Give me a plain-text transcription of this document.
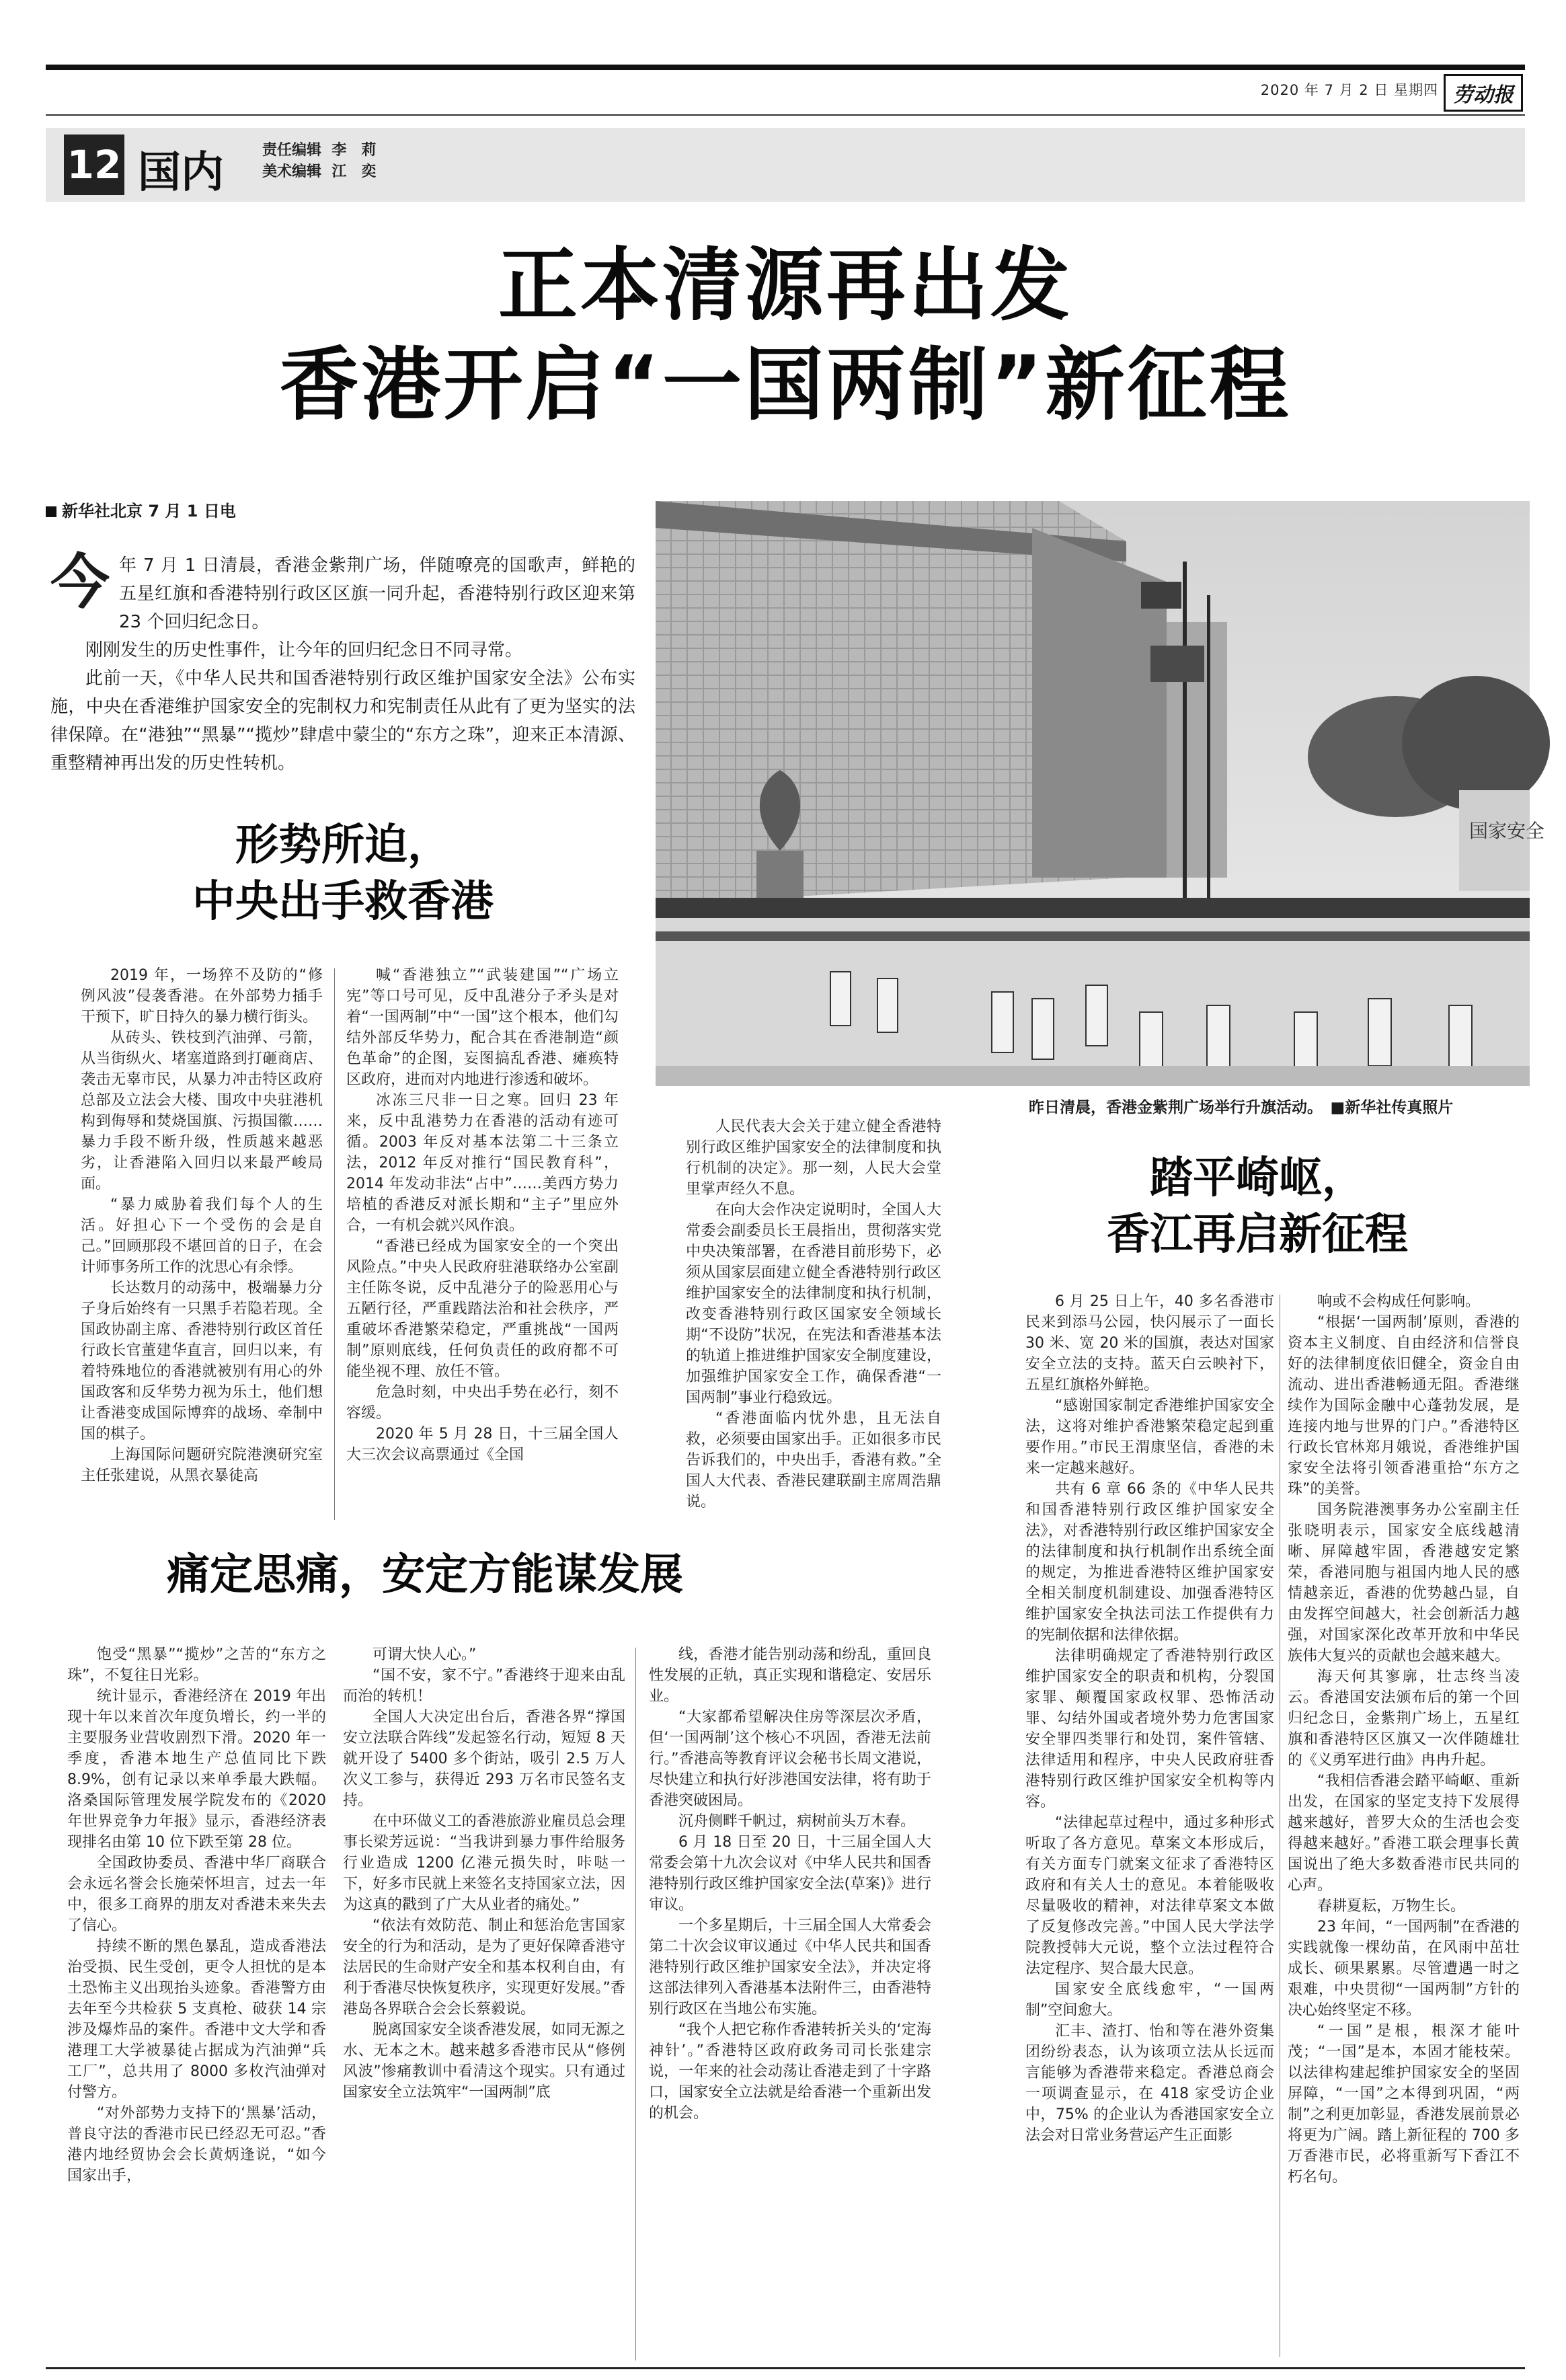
2020 年 7 月 2 日 星期四 劳动报
12 国内	责任编辑  李　莉
美术编辑  江　奕
正本清源再出发
香港开启“一国两制”新征程
新华社北京 7 月 1 日电
国家安全
昨日清晨，香港金紫荆广场举行升旗活动。　 ■新华社传真照片

今年 7 月 1 日清晨，香港金紫荆广场，伴随嘹亮的国歌声，鲜艳的五星红旗和香港特别行政区区旗一同升起，香港特别行政区迎来第 23 个回归纪念日。

刚刚发生的历史性事件，让今年的回归纪念日不同寻常。

此前一天，《中华人民共和国香港特别行政区维护国家安全法》公布实施，中央在香港维护国家安全的宪制权力和宪制责任从此有了更为坚实的法律保障。在“港独”“黑暴”“揽炒”肆虐中蒙尘的“东方之珠”，迎来正本清源、重整精神再出发的历史性转机。

形势所迫，
中央出手救香港
踏平崎岖，
香江再启新征程
痛定思痛，安定方能谋发展

2019 年，一场猝不及防的“修例风波”侵袭香港。在外部势力插手干预下，旷日持久的暴力横行街头。

从砖头、铁枝到汽油弹、弓箭，从当街纵火、堵塞道路到打砸商店、袭击无辜市民，从暴力冲击特区政府总部及立法会大楼、围攻中央驻港机构到侮辱和焚烧国旗、污损国徽……暴力手段不断升级，性质越来越恶劣，让香港陷入回归以来最严峻局面。

“暴力威胁着我们每个人的生活。好担心下一个受伤的会是自己。”回顾那段不堪回首的日子，在会计师事务所工作的沈思心有余悸。

长达数月的动荡中，极端暴力分子身后始终有一只黑手若隐若现。全国政协副主席、香港特别行政区首任行政长官董建华直言，回归以来，有着特殊地位的香港就被别有用心的外国政客和反华势力视为乐土，他们想让香港变成国际博弈的战场、牵制中国的棋子。

上海国际问题研究院港澳研究室主任张建说，从黑衣暴徒高

喊“香港独立”“武装建国”“广场立宪”等口号可见，反中乱港分子矛头是对着“一国两制”中“一国”这个根本，他们勾结外部反华势力，配合其在香港制造“颜色革命”的企图，妄图搞乱香港、瘫痪特区政府，进而对内地进行渗透和破坏。

冰冻三尺非一日之寒。回归 23 年来，反中乱港势力在香港的活动有迹可循。2003 年反对基本法第二十三条立法，2012 年反对推行“国民教育科”，2014 年发动非法“占中”……美西方势力培植的香港反对派长期和“主子”里应外合，一有机会就兴风作浪。

“香港已经成为国家安全的一个突出风险点。”中央人民政府驻港联络办公室副主任陈冬说，反中乱港分子的险恶用心与五陋行径，严重践踏法治和社会秩序，严重破坏香港繁荣稳定，严重挑战“一国两制”原则底线，任何负责任的政府都不可能坐视不理、放任不管。

危急时刻，中央出手势在必行，刻不容缓。

2020 年 5 月 28 日，十三届全国人大三次会议高票通过《全国

人民代表大会关于建立健全香港特别行政区维护国家安全的法律制度和执行机制的决定》。那一刻，人民大会堂里掌声经久不息。

在向大会作决定说明时，全国人大常委会副委员长王晨指出，贯彻落实党中央决策部署，在香港目前形势下，必须从国家层面建立健全香港特别行政区维护国家安全的法律制度和执行机制，改变香港特别行政区国家安全领域长期“不设防”状况，在宪法和香港基本法的轨道上推进维护国家安全制度建设，加强维护国家安全工作，确保香港“一国两制”事业行稳致远。

“香港面临内忧外患，且无法自救，必须要由国家出手。正如很多市民告诉我们的，中央出手，香港有救。”全国人大代表、香港民建联副主席周浩鼎说。

6 月 25 日上午，40 多名香港市民来到添马公园，快闪展示了一面长 30 米、宽 20 米的国旗，表达对国家安全立法的支持。蓝天白云映衬下，五星红旗格外鲜艳。

“感谢国家制定香港维护国家安全法，这将对维护香港繁荣稳定起到重要作用。”市民王渭康坚信，香港的未来一定越来越好。

共有 6 章 66 条的《中华人民共和国香港特别行政区维护国家安全法》，对香港特别行政区维护国家安全的法律制度和执行机制作出系统全面的规定，为推进香港特区维护国家安全相关制度机制建设、加强香港特区维护国家安全执法司法工作提供有力的宪制依据和法律依据。

法律明确规定了香港特别行政区维护国家安全的职责和机构，分裂国家罪、颠覆国家政权罪、恐怖活动罪、勾结外国或者境外势力危害国家安全罪四类罪行和处罚，案件管辖、法律适用和程序，中央人民政府驻香港特别行政区维护国家安全机构等内容。

“法律起草过程中，通过多种形式听取了各方意见。草案文本形成后，有关方面专门就案文征求了香港特区政府和有关人士的意见。本着能吸收尽量吸收的精神，对法律草案文本做了反复修改完善。”中国人民大学法学院教授韩大元说，整个立法过程符合法定程序、契合最大民意。

国家安全底线愈牢，“一国两制”空间愈大。

汇丰、渣打、怡和等在港外资集团纷纷表态，认为该项立法从长远而言能够为香港带来稳定。香港总商会一项调查显示，在 418 家受访企业中，75% 的企业认为香港国家安全立法会对日常业务营运产生正面影

响或不会构成任何影响。

“根据‘一国两制’原则，香港的资本主义制度、自由经济和信誉良好的法律制度依旧健全，资金自由流动、进出香港畅通无阻。香港继续作为国际金融中心蓬勃发展，是连接内地与世界的门户。”香港特区行政长官林郑月娥说，香港维护国家安全法将引领香港重拾“东方之珠”的美誉。

国务院港澳事务办公室副主任张晓明表示，国家安全底线越清晰、屏障越牢固，香港越安定繁荣，香港同胞与祖国内地人民的感情越亲近，香港的优势越凸显，自由发挥空间越大，社会创新活力越强，对国家深化改革开放和中华民族伟大复兴的贡献也会越来越大。

海天何其寥廓，壮志终当凌云。香港国安法颁布后的第一个回归纪念日，金紫荆广场上，五星红旗和香港特区区旗又一次伴随雄壮的《义勇军进行曲》冉冉升起。

“我相信香港会踏平崎岖、重新出发，在国家的坚定支持下发展得越来越好，普罗大众的生活也会变得越来越好。”香港工联会理事长黄国说出了绝大多数香港市民共同的心声。

春耕夏耘，万物生长。

23 年间，“一国两制”在香港的实践就像一棵幼苗，在风雨中茁壮成长、硕果累累。尽管遭遇一时之艰难，中央贯彻“一国两制”方针的决心始终坚定不移。

“一国”是根，根深才能叶茂；“一国”是本，本固才能枝荣。以法律构建起维护国家安全的坚固屏障，“一国”之本得到巩固，“两制”之利更加彰显，香港发展前景必将更为广阔。踏上新征程的 700 多万香港市民，必将重新写下香江不朽名句。

饱受“黑暴”“揽炒”之苦的“东方之珠”，不复往日光彩。

统计显示，香港经济在 2019 年出现十年以来首次年度负增长，约一半的主要服务业营收剧烈下滑。2020 年一季度，香港本地生产总值同比下跌 8.9%，创有记录以来单季最大跌幅。洛桑国际管理发展学院发布的《2020 年世界竞争力年报》显示，香港经济表现排名由第 10 位下跌至第 28 位。

全国政协委员、香港中华厂商联合会永远名誉会长施荣怀坦言，过去一年中，很多工商界的朋友对香港未来失去了信心。

持续不断的黑色暴乱，造成香港法治受损、民生受创，更令人担忧的是本土恐怖主义出现抬头迹象。香港警方由去年至今共检获 5 支真枪、破获 14 宗涉及爆炸品的案件。香港中文大学和香港理工大学被暴徒占据成为汽油弹“兵工厂”，总共用了 8000 多枚汽油弹对付警方。

“对外部势力支持下的‘黑暴’活动，普良守法的香港市民已经忍无可忍。”香港内地经贸协会会长黄炳逢说，“如今国家出手，

可谓大快人心。”

“国不安，家不宁。”香港终于迎来由乱而治的转机！

全国人大决定出台后，香港各界“撑国安立法联合阵线”发起签名行动，短短 8 天就开设了 5400 多个街站，吸引 2.5 万人次义工参与，获得近 293 万名市民签名支持。

在中环做义工的香港旅游业雇员总会理事长梁芳远说：“当我讲到暴力事件给服务行业造成 1200 亿港元损失时，咔哒一下，好多市民就上来签名支持国家立法，因为这真的戳到了广大从业者的痛处。”

“依法有效防范、制止和惩治危害国家安全的行为和活动，是为了更好保障香港守法居民的生命财产安全和基本权利自由，有利于香港尽快恢复秩序，实现更好发展。”香港岛各界联合会会长蔡毅说。

脱离国家安全谈香港发展，如同无源之水、无本之木。越来越多香港市民从“修例风波”惨痛教训中看清这个现实。只有通过国家安全立法筑牢“一国两制”底

线，香港才能告别动荡和纷乱，重回良性发展的正轨，真正实现和谐稳定、安居乐业。

“大家都希望解决住房等深层次矛盾，但‘一国两制’这个核心不巩固，香港无法前行。”香港高等教育评议会秘书长周文港说，尽快建立和执行好涉港国安法律，将有助于香港突破困局。

沉舟侧畔千帆过，病树前头万木春。

6 月 18 日至 20 日，十三届全国人大常委会第十九次会议对《中华人民共和国香港特别行政区维护国家安全法(草案)》进行审议。

一个多星期后，十三届全国人大常委会第二十次会议审议通过《中华人民共和国香港特别行政区维护国家安全法》，并决定将这部法律列入香港基本法附件三，由香港特别行政区在当地公布实施。

“我个人把它称作香港转折关头的‘定海神针’。”香港特区政府政务司司长张建宗说，一年来的社会动荡让香港走到了十字路口，国家安全立法就是给香港一个重新出发的机会。
